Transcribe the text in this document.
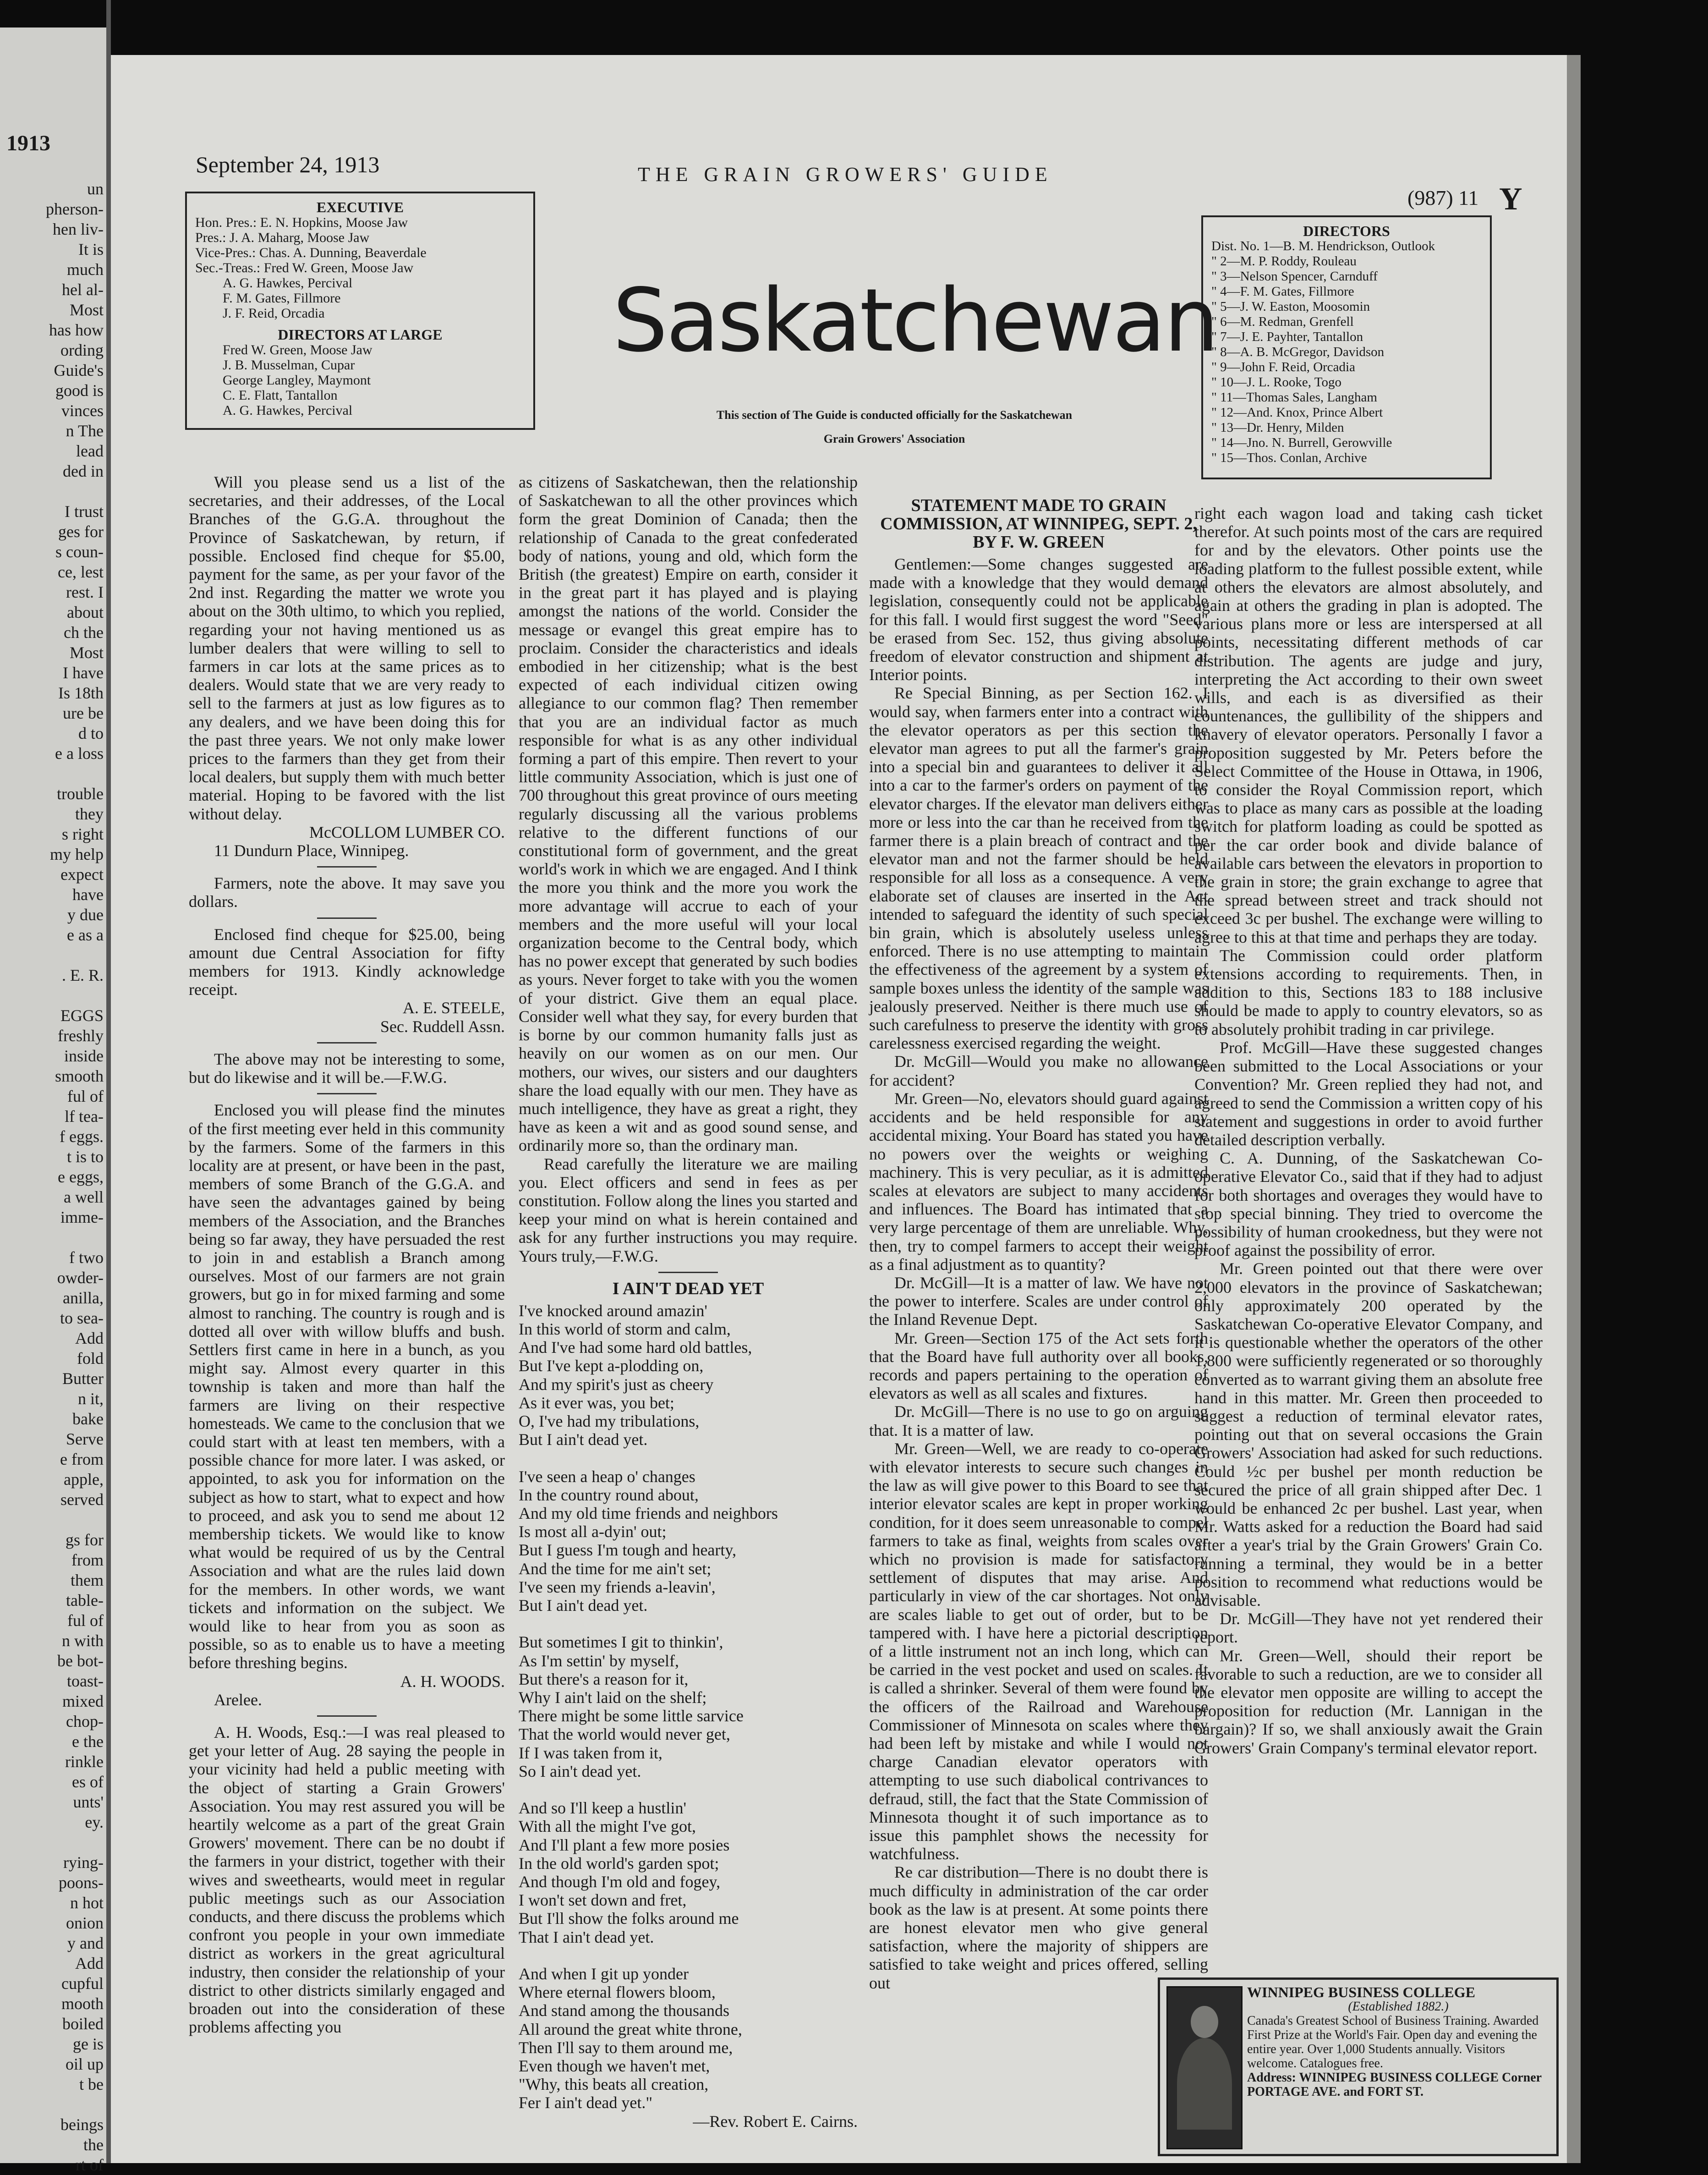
1913
un
pherson-
hen liv-
It is
much
hel al-
Most
has how
ording
Guide's
good is
vinces
n The
lead
ded in

I trust
ges for
s coun-
ce, lest
rest. I
about
ch the
Most
I have
Is 18th
ure be
d to
e a loss

trouble
they
s right
my help
expect
have
y due
e as a

. E. R.

EGGS
freshly
inside
smooth
ful of
lf tea-
f eggs.
t is to
e eggs,
a well
imme-

f two
owder-
anilla,
to sea-
Add
fold
Butter
n it,
bake
Serve
e from
apple,
served

gs for
from
them
table-
ful of
n with
be bot-
toast-
mixed
chop-
e the
rinkle
es of
unts'
ey.

rying-
poons-
n hot
onion
y and
Add
cupful
mooth
boiled
ge is
oil up
t be

beings
the
rt of
September 24, 1913	THE GRAIN GROWERS' GUIDE
(987) 11 Y
EXECUTIVE
Hon. Pres.: E. N. Hopkins, Moose Jaw
Pres.: J. A. Maharg, Moose Jaw
Vice-Pres.: Chas. A. Dunning, Beaverdale
Sec.-Treas.: Fred W. Green, Moose Jaw
A. G. Hawkes, Percival
F. M. Gates, Fillmore
J. F. Reid, Orcadia
DIRECTORS AT LARGE
Fred W. Green, Moose Jaw
J. B. Musselman, Cupar
George Langley, Maymont
C. E. Flatt, Tantallon
A. G. Hawkes, Percival
DIRECTORS
Dist. No. 1—B. M. Hendrickson, Outlook
" 2—M. P. Roddy, Rouleau
" 3—Nelson Spencer, Carnduff
" 4—F. M. Gates, Fillmore
" 5—J. W. Easton, Moosomin
" 6—M. Redman, Grenfell
" 7—J. E. Payhter, Tantallon
" 8—A. B. McGregor, Davidson
" 9—John F. Reid, Orcadia
" 10—J. L. Rooke, Togo
" 11—Thomas Sales, Langham
" 12—And. Knox, Prince Albert
" 13—Dr. Henry, Milden
" 14—Jno. N. Burrell, Gerowville
" 15—Thos. Conlan, Archive
Saskatchewan
This section of The Guide is conducted officially for the Saskatchewan
Grain Growers' Association

Will you please send us a list of the secretaries, and their addresses, of the Local Branches of the G.G.A. throughout the Province of Saskatchewan, by return, if possible. Enclosed find cheque for $5.00, payment for the same, as per your favor of the 2nd inst. Regarding the matter we wrote you about on the 30th ultimo, to which you replied, regarding your not having mentioned us as lumber dealers that were willing to sell to farmers in car lots at the same prices as to dealers. Would state that we are very ready to sell to the farmers at just as low figures as to any dealers, and we have been doing this for the past three years. We not only make lower prices to the farmers than they get from their local dealers, but supply them with much better material. Hoping to be favored with the list without delay.

McCOLLOM LUMBER CO.

11 Dundurn Place, Winnipeg.

Farmers, note the above. It may save you dollars.

Enclosed find cheque for $25.00, being amount due Central Association for fifty members for 1913. Kindly acknowledge receipt.

A. E. STEELE,

Sec. Ruddell Assn.

The above may not be interesting to some, but do likewise and it will be.—F.W.G.

Enclosed you will please find the minutes of the first meeting ever held in this community by the farmers. Some of the farmers in this locality are at present, or have been in the past, members of some Branch of the G.G.A. and have seen the advantages gained by being members of the Association, and the Branches being so far away, they have persuaded the rest to join in and establish a Branch among ourselves. Most of our farmers are not grain growers, but go in for mixed farming and some almost to ranching. The country is rough and is dotted all over with willow bluffs and bush. Settlers first came in here in a bunch, as you might say. Almost every quarter in this township is taken and more than half the farmers are living on their respective homesteads. We came to the conclusion that we could start with at least ten members, with a possible chance for more later. I was asked, or appointed, to ask you for information on the subject as how to start, what to expect and how to proceed, and ask you to send me about 12 membership tickets. We would like to know what would be required of us by the Central Association and what are the rules laid down for the members. In other words, we want tickets and information on the subject. We would like to hear from you as soon as possible, so as to enable us to have a meeting before threshing begins.

A. H. WOODS.

Arelee.

A. H. Woods, Esq.:—I was real pleased to get your letter of Aug. 28 saying the people in your vicinity had held a public meeting with the object of starting a Grain Growers' Association. You may rest assured you will be heartily welcome as a part of the great Grain Growers' movement. There can be no doubt if the farmers in your district, together with their wives and sweethearts, would meet in regular public meetings such as our Association conducts, and there discuss the problems which confront you people in your own immediate district as workers in the great agricultural industry, then consider the relationship of your district to other districts similarly engaged and broaden out into the consideration of these problems affecting you

as citizens of Saskatchewan, then the relationship of Saskatchewan to all the other provinces which form the great Dominion of Canada; then the relationship of Canada to the great confederated body of nations, young and old, which form the British (the greatest) Empire on earth, consider it in the great part it has played and is playing amongst the nations of the world. Consider the message or evangel this great empire has to proclaim. Consider the characteristics and ideals embodied in her citizenship; what is the best expected of each individual citizen owing allegiance to our common flag? Then remember that you are an individual factor as much responsible for what is as any other individual forming a part of this empire. Then revert to your little community Association, which is just one of 700 throughout this great province of ours meeting regularly discussing all the various problems relative to the different functions of our constitutional form of government, and the great world's work in which we are engaged. And I think the more you think and the more you work the more advantage will accrue to each of your members and the more useful will your local organization become to the Central body, which has no power except that generated by such bodies as yours. Never forget to take with you the women of your district. Give them an equal place. Consider well what they say, for every burden that is borne by our common humanity falls just as heavily on our women as on our men. Our mothers, our wives, our sisters and our daughters share the load equally with our men. They have as much intelligence, they have as great a right, they have as keen a wit and as good sound sense, and ordinarily more so, than the ordinary man.

Read carefully the literature we are mailing you. Elect officers and send in fees as per constitution. Follow along the lines you started and keep your mind on what is herein contained and ask for any further instructions you may require. Yours truly,—F.W.G.

I AIN'T DEAD YET

I've knocked around amazin'
In this world of storm and calm,
And I've had some hard old battles,
But I've kept a-plodding on,
And my spirit's just as cheery
As it ever was, you bet;
O, I've had my tribulations,
But I ain't dead yet.

I've seen a heap o' changes
In the country round about,
And my old time friends and neighbors
Is most all a-dyin' out;
But I guess I'm tough and hearty,
And the time for me ain't set;
I've seen my friends a-leavin',
But I ain't dead yet.

But sometimes I git to thinkin',
As I'm settin' by myself,
But there's a reason for it,
Why I ain't laid on the shelf;
There might be some little sarvice
That the world would never get,
If I was taken from it,
So I ain't dead yet.

And so I'll keep a hustlin'
With all the might I've got,
And I'll plant a few more posies
In the old world's garden spot;
And though I'm old and fogey,
I won't set down and fret,
But I'll show the folks around me
That I ain't dead yet.

And when I git up yonder
Where eternal flowers bloom,
And stand among the thousands
All around the great white throne,
Then I'll say to them around me,
Even though we haven't met,
"Why, this beats all creation,
Fer I ain't dead yet."

—Rev. Robert E. Cairns.

STATEMENT MADE TO GRAIN COMMISSION, AT WINNIPEG, SEPT. 2, BY F. W. GREEN

Gentlemen:—Some changes suggested are made with a knowledge that they would demand legislation, consequently could not be applicable for this fall. I would first suggest the word "Seed" be erased from Sec. 152, thus giving absolute freedom of elevator construction and shipment at Interior points.

Re Special Binning, as per Section 162. I would say, when farmers enter into a contract with the elevator operators as per this section the elevator man agrees to put all the farmer's grain into a special bin and guarantees to deliver it all into a car to the farmer's orders on payment of the elevator charges. If the elevator man delivers either more or less into the car than he received from the farmer there is a plain breach of contract and the elevator man and not the farmer should be held responsible for all loss as a consequence. A very elaborate set of clauses are inserted in the Act intended to safeguard the identity of such special bin grain, which is absolutely useless unless enforced. There is no use attempting to maintain the effectiveness of the agreement by a system of sample boxes unless the identity of the sample was jealously preserved. Neither is there much use of such carefulness to preserve the identity with gross carelessness exercised regarding the weight.

Dr. McGill—Would you make no allowance for accident?

Mr. Green—No, elevators should guard against accidents and be held responsible for any accidental mixing. Your Board has stated you have no powers over the weights or weighing machinery. This is very peculiar, as it is admitted scales at elevators are subject to many accidents and influences. The Board has intimated that a very large percentage of them are unreliable. Why, then, try to compel farmers to accept their weight as a final adjustment as to quantity?

Dr. McGill—It is a matter of law. We have not the power to interfere. Scales are under control of the Inland Revenue Dept.

Mr. Green—Section 175 of the Act sets forth that the Board have full authority over all books, records and papers pertaining to the operation of elevators as well as all scales and fixtures.

Dr. McGill—There is no use to go on arguing that. It is a matter of law.

Mr. Green—Well, we are ready to co-operate with elevator interests to secure such changes in the law as will give power to this Board to see that interior elevator scales are kept in proper working condition, for it does seem unreasonable to compel farmers to take as final, weights from scales over which no provision is made for satisfactory settlement of disputes that may arise. And particularly in view of the car shortages. Not only are scales liable to get out of order, but to be tampered with. I have here a pictorial description of a little instrument not an inch long, which can be carried in the vest pocket and used on scales. It is called a shrinker. Several of them were found by the officers of the Railroad and Warehouse Commissioner of Minnesota on scales where they had been left by mistake and while I would not charge Canadian elevator operators with attempting to use such diabolical contrivances to defraud, still, the fact that the State Commission of Minnesota thought it of such importance as to issue this pamphlet shows the necessity for watchfulness.

Re car distribution—There is no doubt there is much difficulty in administration of the car order book as the law is at present. At some points there are honest elevator men who give general satisfaction, where the majority of shippers are satisfied to take weight and prices offered, selling out

right each wagon load and taking cash ticket therefor. At such points most of the cars are required for and by the elevators. Other points use the loading platform to the fullest possible extent, while at others the elevators are almost absolutely, and again at others the grading in plan is adopted. The various plans more or less are interspersed at all points, necessitating different methods of car distribution. The agents are judge and jury, interpreting the Act according to their own sweet wills, and each is as diversified as their countenances, the gullibility of the shippers and knavery of elevator operators. Personally I favor a proposition suggested by Mr. Peters before the Select Committee of the House in Ottawa, in 1906, to consider the Royal Commission report, which was to place as many cars as possible at the loading switch for platform loading as could be spotted as per the car order book and divide balance of available cars between the elevators in proportion to the grain in store; the grain exchange to agree that the spread between street and track should not exceed 3c per bushel. The exchange were willing to agree to this at that time and perhaps they are today.

The Commission could order platform extensions according to requirements. Then, in addition to this, Sections 183 to 188 inclusive should be made to apply to country elevators, so as to absolutely prohibit trading in car privilege.

Prof. McGill—Have these suggested changes been submitted to the Local Associations or your Convention? Mr. Green replied they had not, and agreed to send the Commission a written copy of his statement and suggestions in order to avoid further detailed description verbally.

C. A. Dunning, of the Saskatchewan Co-operative Elevator Co., said that if they had to adjust for both shortages and overages they would have to stop special binning. They tried to overcome the possibility of human crookedness, but they were not proof against the possibility of error.

Mr. Green pointed out that there were over 2,000 elevators in the province of Saskatchewan; only approximately 200 operated by the Saskatchewan Co-operative Elevator Company, and it is questionable whether the operators of the other 1,800 were sufficiently regenerated or so thoroughly converted as to warrant giving them an absolute free hand in this matter. Mr. Green then proceeded to suggest a reduction of terminal elevator rates, pointing out that on several occasions the Grain Growers' Association had asked for such reductions. Could ½c per bushel per month reduction be secured the price of all grain shipped after Dec. 1 would be enhanced 2c per bushel. Last year, when Mr. Watts asked for a reduction the Board had said after a year's trial by the Grain Growers' Grain Co. running a terminal, they would be in a better position to recommend what reductions would be advisable.

Dr. McGill—They have not yet rendered their report.

Mr. Green—Well, should their report be favorable to such a reduction, are we to consider all the elevator men opposite are willing to accept the proposition for reduction (Mr. Lannigan in the bargain)? If so, we shall anxiously await the Grain Growers' Grain Company's terminal elevator report.

WINNIPEG BUSINESS COLLEGE
(Established 1882.)
Canada's Greatest School of Business Training. Awarded First Prize at the World's Fair. Open day and evening the entire year. Over 1,000 Students annually. Visitors welcome. Catalogues free.
Address: WINNIPEG BUSINESS COLLEGE Corner PORTAGE AVE. and FORT ST.
